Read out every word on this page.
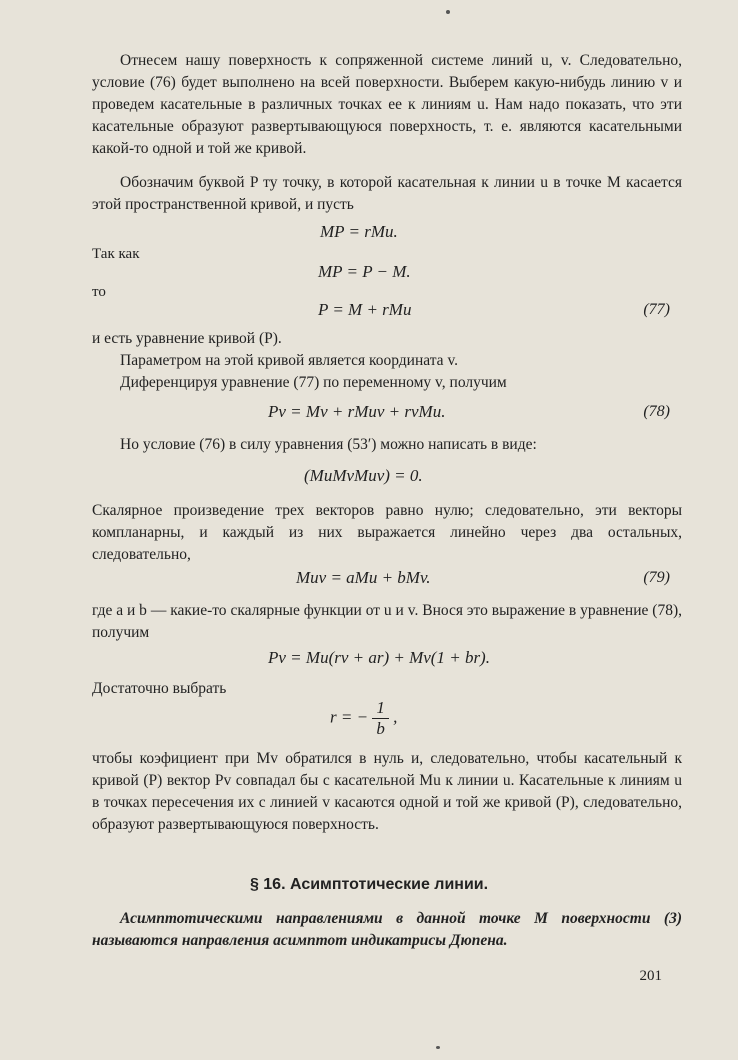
Отнесем нашу поверхность к сопряженной системе линий u, v. Следовательно, условие (76) будет выполнено на всей поверхности. Выберем какую-нибудь линию v и проведем касательные в различных точках ее к линиям u. Нам надо показать, что эти касательные образуют развертывающуюся поверхность, т. е. являются касательными какой-то одной и той же кривой.

Обозначим буквой P ту точку, в которой касательная к линии u в точке M касается этой пространственной кривой, и пусть

MP = rMu.
Так как
MP = P − M.
то
P = M + rMu	(77)

и есть уравнение кривой (P).

Параметром на этой кривой является координата v.

Диференцируя уравнение (77) по переменному v, получим

Pv = Mv + rMuv + rvMu.	(78)

Но условие (76) в силу уравнения (53′) можно написать в виде:

(MuMvMuv) = 0.

Скалярное произведение трех векторов равно нулю; следовательно, эти векторы компланарны, и каждый из них выражается линейно через два остальных, следовательно,

Muv = aMu + bMv.	(79)

где a и b — какие-то скалярные функции от u и v. Внося это выражение в уравнение (78), получим

Pv = Mu(rv + ar) + Mv(1 + br).

Достаточно выбрать

r = − $\frac{1}{b}$ ,

чтобы коэфициент при Mv обратился в нуль и, следовательно, чтобы касательный к кривой (P) вектор Pv совпадал бы с касательной Mu к линии u. Касательные к линиям u в точках пересечения их с линией v касаются одной и той же кривой (P), следовательно, образуют развертывающуюся поверхность.

§ 16. Асимптотические линии.

Асимптотическими направлениями в данной точке M поверхности (3) называются направления асимптот индикатрисы Дюпена.

201
